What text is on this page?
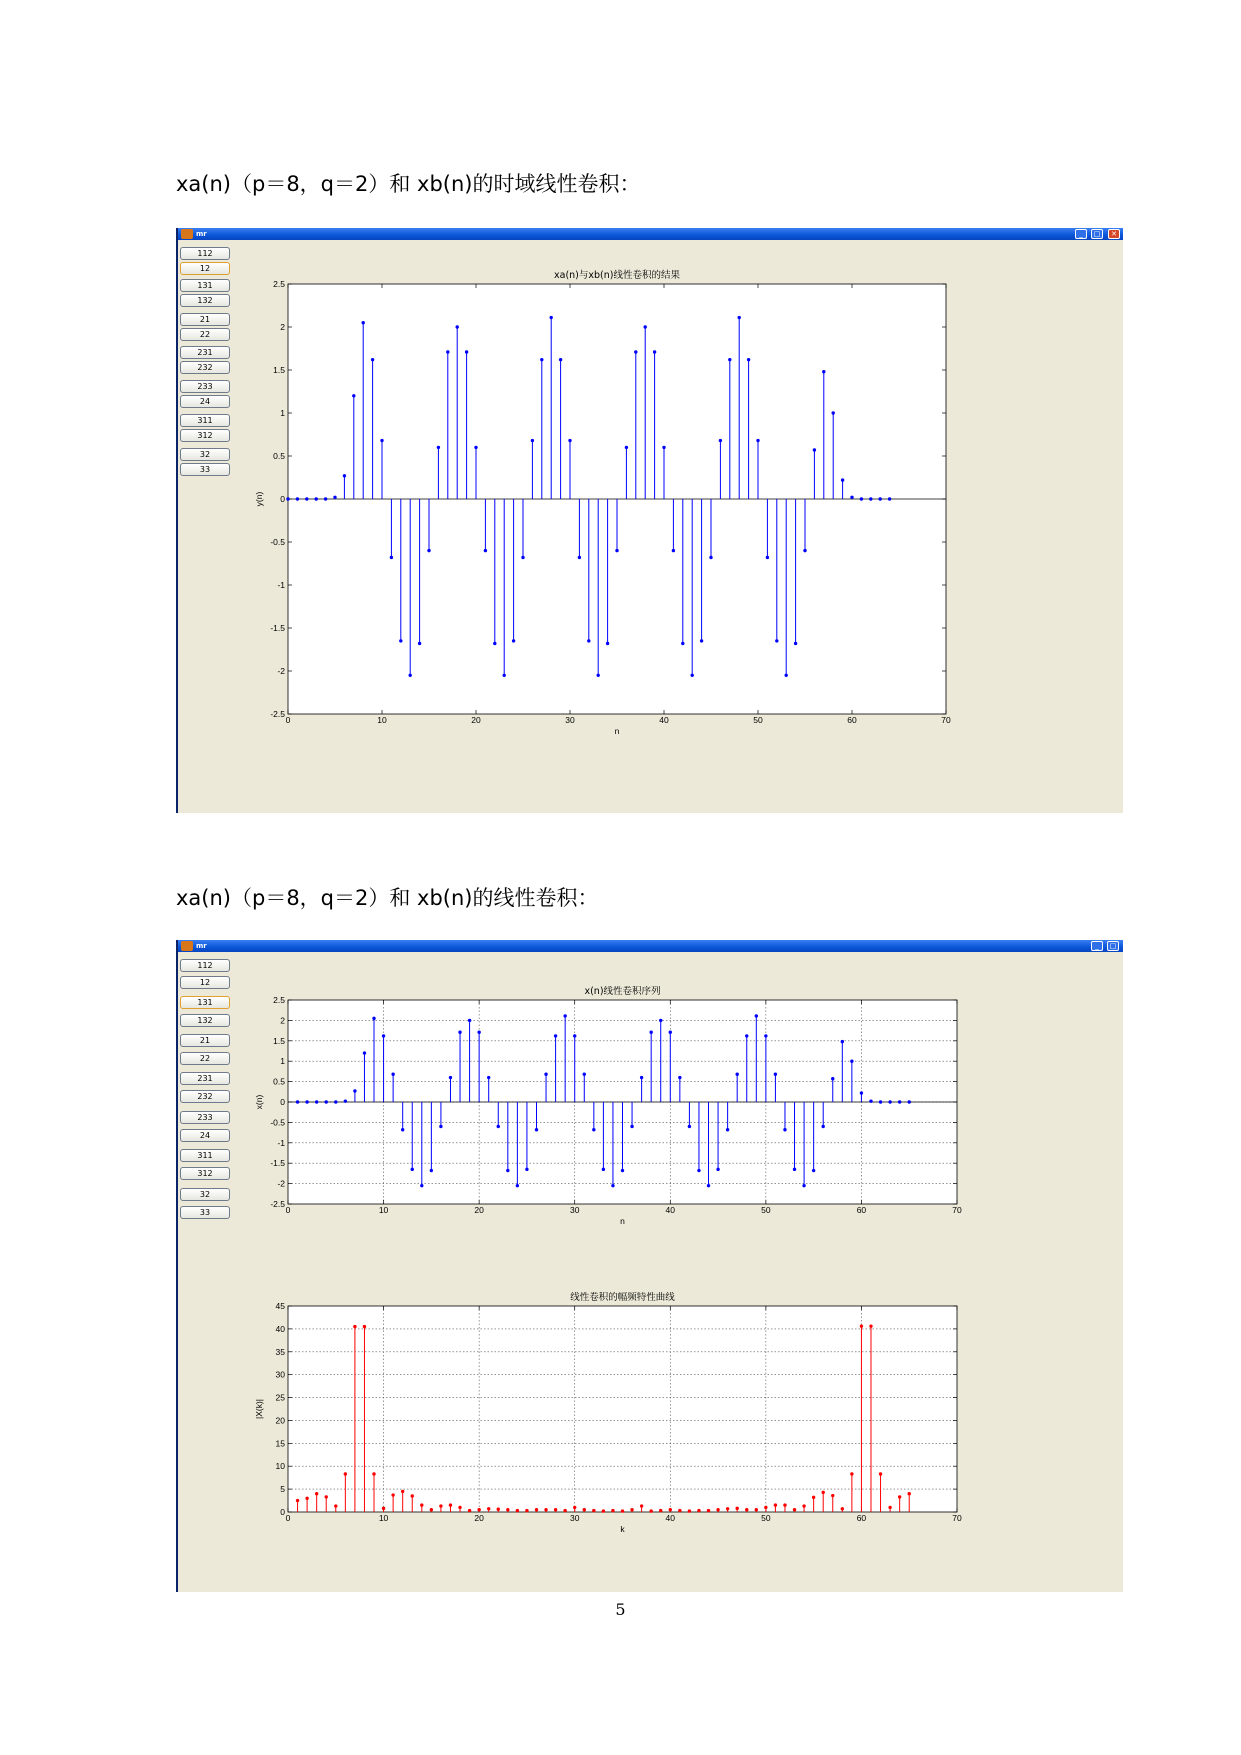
xa(n)（p＝8，q＝2）和 xb(n)的时域线性卷积：
mr	_	□	✕
112
12
131
132
21
22
231
232
233
24
311
312
32
33
0	10	20	30	40	50	60	70
-2.5
-2
-1.5
-1
-0.5
0
0.5
1
1.5
2
2.5
xa(n)与xb(n)线性卷积的结果
n
y(n)
xa(n)（p＝8，q＝2）和 xb(n)的线性卷积：
mr	_	□
112
12
131
132
21
22
231
232
233
24
311
312
32
33	0	10	20	30	40	50	60	70
-2.5
-2
-1.5
-1
-0.5
0
0.5
1
1.5
2
2.5
x(n)线性卷积序列
n
x(n)
0	10	20	30	40	50	60	70
0
5
10
15
20
25
30
35
40
45
线性卷积的幅频特性曲线
k
|X(k)|
5
